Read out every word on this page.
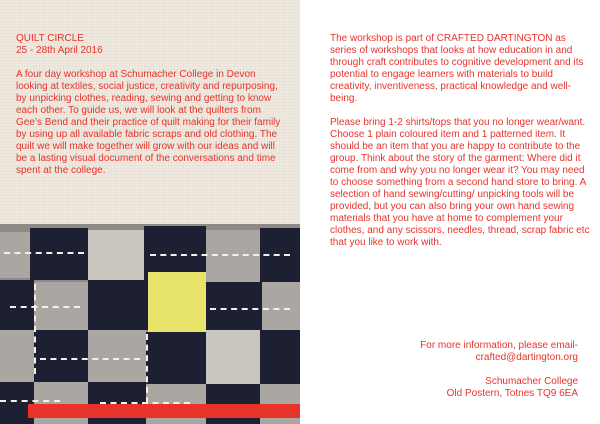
QUILT CIRCLE

25 - 28th April 2016

A four day workshop at Schumacher College in Devon looking at textiles, social justice, creativity and repurposing, by unpicking clothes, reading, sewing and getting to know each other. To guide us, we will look at the quilters from Gee’s Bend and their practice of quilt making for their family by using up all available fabric scraps and old clothing. The quilt we will make together will grow with our ideas and will be a lasting visual document of the conversations and time spent at the college.

The workshop is part of CRAFTED DARTINGTON as series of workshops that looks at how education in and through craft contributes to cognitive development and its potential to engage learners with materials to build creativity, inventiveness, practical knowledge and well-being.

Please bring 1-2 shirts/tops that you no longer wear/want. Choose 1 plain coloured item and 1 patterned item. It should be an item that you are happy to contribute to the group. Think about the story of the garment: Where did it come from and why you no longer wear it? You may need to choose something from a second hand store to bring. A selection of hand sewing/cutting/ unpicking tools will be provided, but you can also bring your own hand sewing materials that you have at home to complement your clothes, and any scissors, needles, thread, scrap fabric etc that you like to work with.

For more information, please email-
crafted@dartington.org
Schumacher College
Old Postern, Totnes TQ9 6EA
